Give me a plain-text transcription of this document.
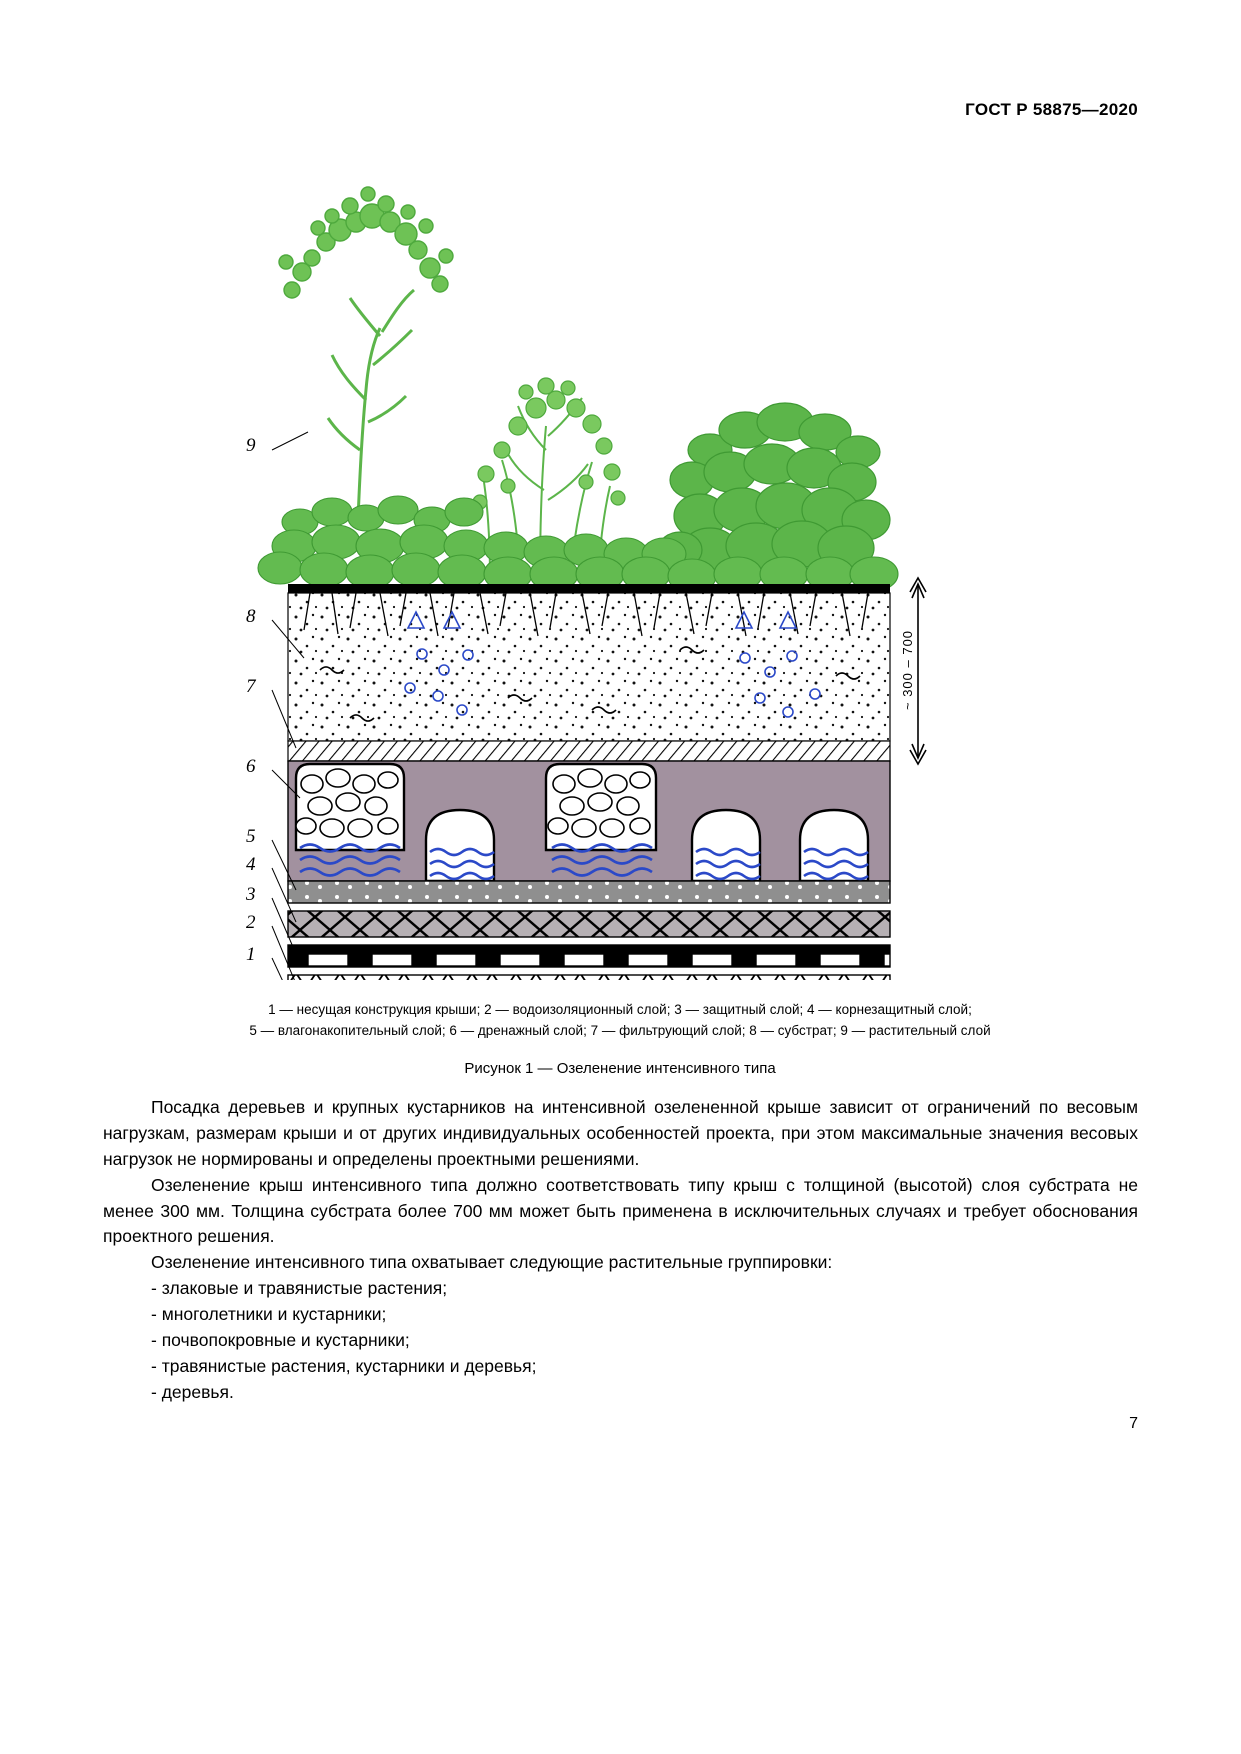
ГОСТ Р 58875—2020
9
8
7
6
5
4
3
2
1
~ 300 – 700
1 — несущая конструкция крыши; 2 — водоизоляционный слой; 3 — защитный слой; 4 — корнезащитный слой;
5 — влагонакопительный слой; 6 — дренажный слой; 7 — фильтрующий слой; 8 — субстрат; 9 — растительный слой
Рисунок 1 — Озеленение интенсивного типа

Посадка деревьев и крупных кустарников на интенсивной озелененной крыше зависит от ограничений по весовым нагрузкам, размерам крыши и от других индивидуальных особенностей проекта, при этом максимальные значения весовых нагрузок не нормированы и определены проектными решениями.

Озеленение крыш интенсивного типа должно соответствовать типу крыш с толщиной (высотой) слоя субстрата не менее 300 мм. Толщина субстрата более 700 мм может быть применена в исключительных случаях и требует обоснования проектного решения.

Озеленение интенсивного типа охватывает следующие растительные группировки:

- злаковые и травянистые растения;
- многолетники и кустарники;
- почвопокровные и кустарники;
- травянистые растения, кустарники и деревья;
- деревья.
7
